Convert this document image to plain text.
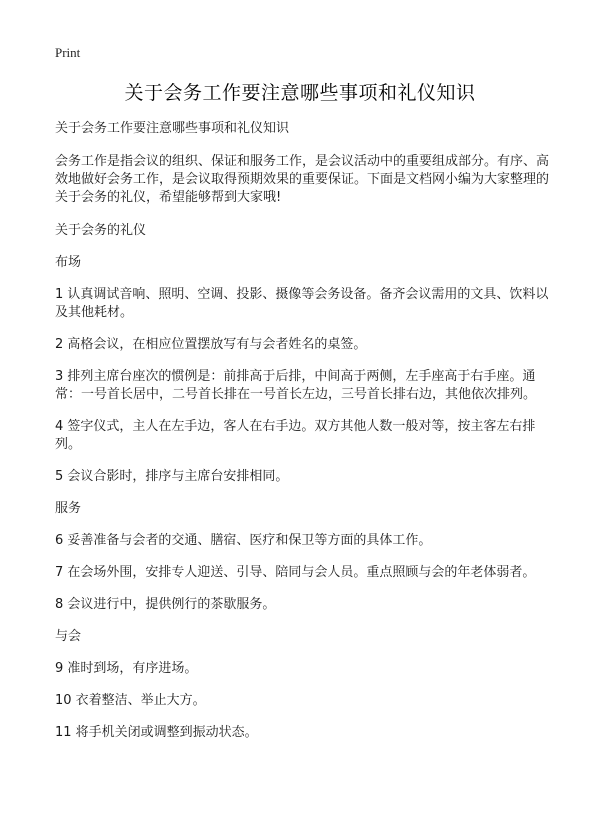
Print
关于会务工作要注意哪些事项和礼仪知识

关于会务工作要注意哪些事项和礼仪知识

会务工作是指会议的组织、保证和服务工作，是会议活动中的重要组成部分。有序、高效地做好会务工作，是会议取得预期效果的重要保证。下面是文档网小编为大家整理的关于会务的礼仪，希望能够帮到大家哦!

关于会务的礼仪

布场

1 认真调试音响、照明、空调、投影、摄像等会务设备。备齐会议需用的文具、饮料以及其他耗材。

2 高格会议，在相应位置摆放写有与会者姓名的桌签。

3 排列主席台座次的惯例是：前排高于后排，中间高于两侧，左手座高于右手座。通常：一号首长居中，二号首长排在一号首长左边，三号首长排右边，其他依次排列。

4 签字仪式，主人在左手边，客人在右手边。双方其他人数一般对等，按主客左右排列。

5 会议合影时，排序与主席台安排相同。

服务

6 妥善准备与会者的交通、膳宿、医疗和保卫等方面的具体工作。

7 在会场外围，安排专人迎送、引导、陪同与会人员。重点照顾与会的年老体弱者。

8 会议进行中，提供例行的茶歇服务。

与会

9 准时到场，有序进场。

10 衣着整洁、举止大方。

11 将手机关闭或调整到振动状态。
